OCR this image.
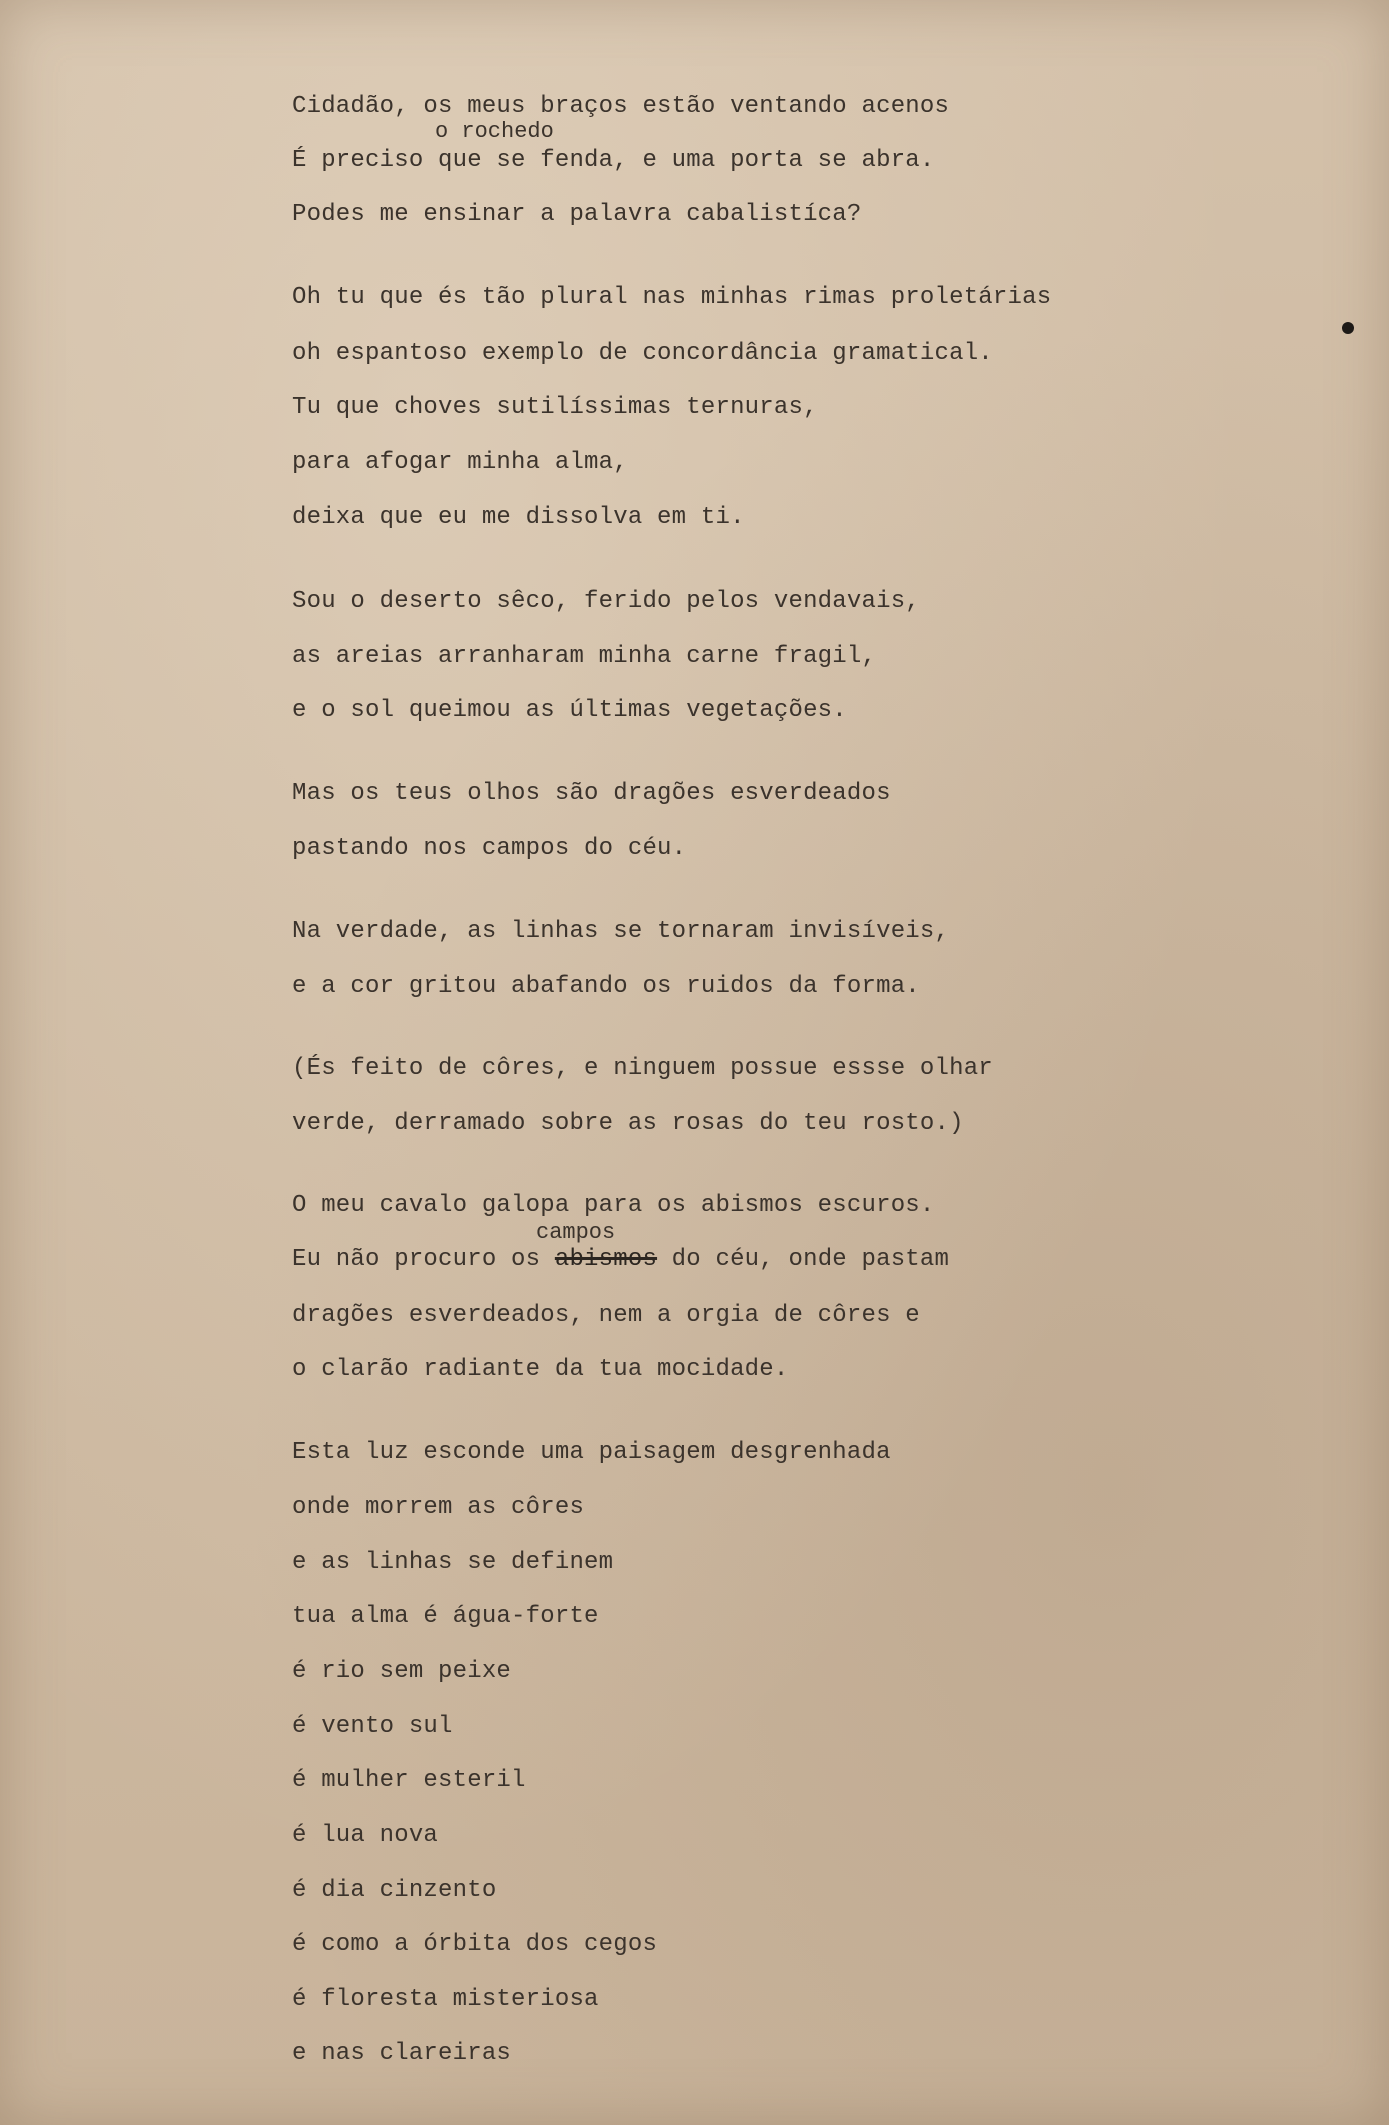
Cidadão, os meus braços estão ventando acenos

o rochedo

É preciso que se fenda, e uma porta se abra.

Podes me ensinar a palavra cabalistíca?

Oh tu que és tão plural nas minhas rimas proletárias

oh espantoso exemplo de concordância gramatical.

Tu que choves sutilíssimas ternuras,

para afogar minha alma,

deixa que eu me dissolva em ti.

Sou o deserto sêco, ferido pelos vendavais,

as areias arranharam minha carne fragil,

e o sol queimou as últimas vegetações.

Mas os teus olhos são dragões esverdeados

pastando nos campos do céu.

Na verdade, as linhas se tornaram invisíveis,

e a cor gritou abafando os ruidos da forma.

(És feito de côres, e ninguem possue essse olhar

verde, derramado sobre as rosas do teu rosto.)

O meu cavalo galopa para os abismos escuros.

campos

Eu não procuro os abismos do céu, onde pastam

dragões esverdeados, nem a orgia de côres e

o clarão radiante da tua mocidade.

Esta luz esconde uma paisagem desgrenhada

onde morrem as côres

e as linhas se definem

tua alma é água-forte

é rio sem peixe

é vento sul

é mulher esteril

é lua nova

é dia cinzento

é como a órbita dos cegos

é floresta misteriosa

e nas clareiras
